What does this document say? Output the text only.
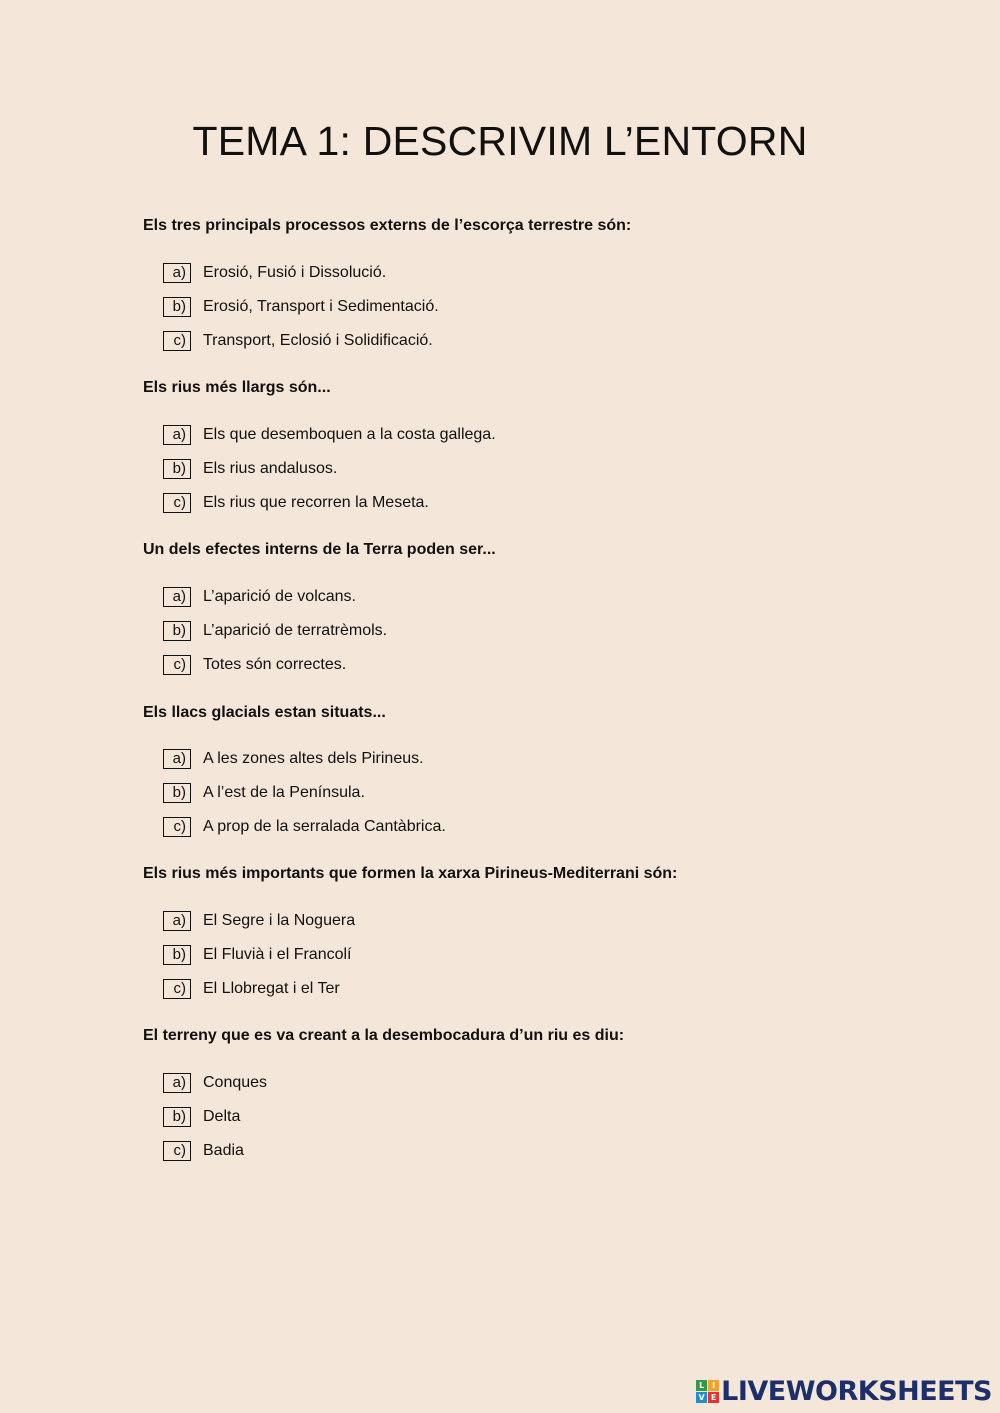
TEMA 1: DESCRIVIM L’ENTORN

Els tres principals processos externs de l’escorça terrestre són:

a)	Erosió, Fusió i Dissolució.
b)	Erosió, Transport i Sedimentació.
c)	Transport, Eclosió i Solidificació.

Els rius més llargs són...

a)	Els que desemboquen a la costa gallega.
b)	Els rius andalusos.
c)	Els rius que recorren la Meseta.

Un dels efectes interns de la Terra poden ser...

a)	L’aparició de volcans.
b)	L’aparició de terratrèmols.
c)	Totes són correctes.

Els llacs glacials estan situats...

a)	A les zones altes dels Pirineus.
b)	A l’est de la Península.
c)	A prop de la serralada Cantàbrica.

Els rius més importants que formen la xarxa Pirineus-Mediterrani són:

a)	El Segre i la Noguera
b)	El Fluvià i el Francolí
c)	El Llobregat i el Ter

El terreny que es va creant a la desembocadura d’un riu es diu:

a)	Conques
b)	Delta
c)	Badia
L I
V E LIVEWORKSHEETS
